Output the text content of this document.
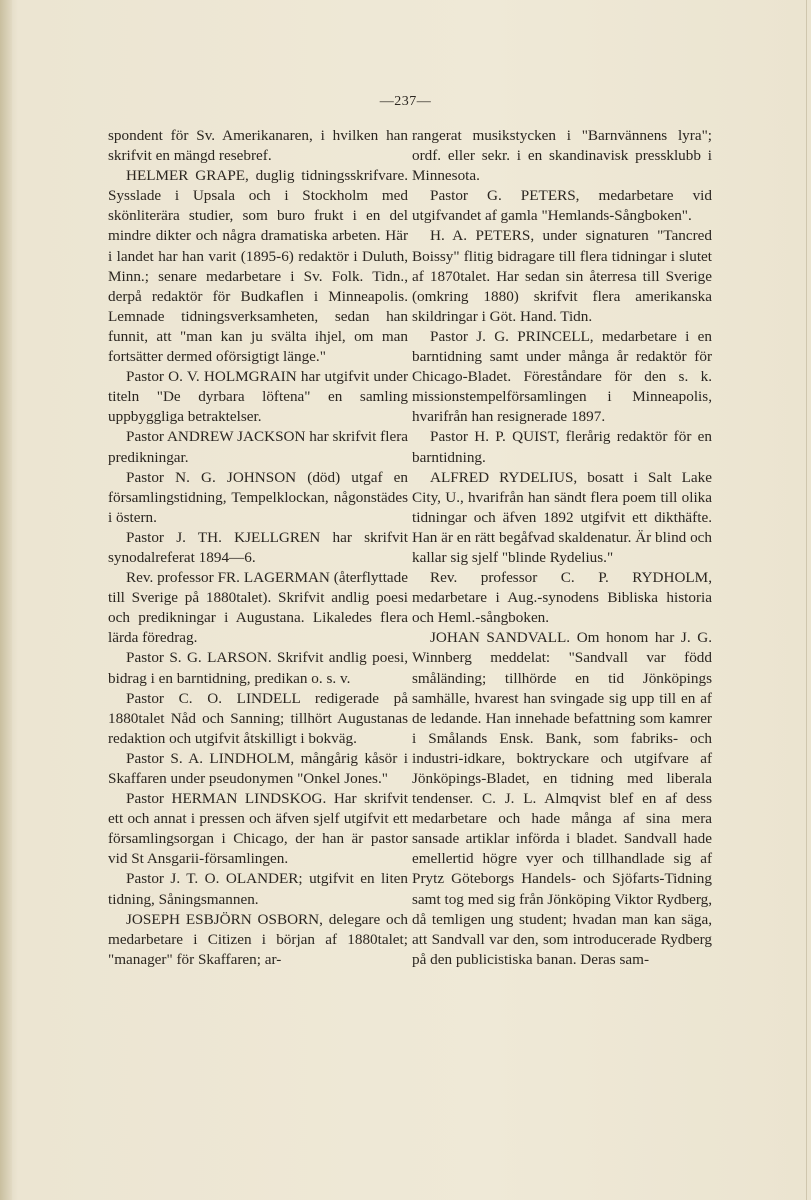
—237—

spondent för Sv. Amerikanaren, i hvilken han skrifvit en mängd resebref.

HELMER GRAPE, duglig tidningsskrifvare. Sysslade i Upsala och i Stockholm med skönliterära studier, som buro frukt i en del mindre dikter och några dramatiska arbeten. Här i landet har han varit (1895-6) redaktör i Duluth, Minn.; senare medarbetare i Sv. Folk. Tidn., derpå redaktör för Budkaflen i Minneapolis. Lemnade tidningsverksamheten, sedan han funnit, att "man kan ju svälta ihjel, om man fortsätter dermed oförsigtigt länge."

Pastor O. V. HOLMGRAIN har utgifvit under titeln "De dyrbara löftena" en samling uppbyggliga betraktelser.

Pastor ANDREW JACKSON har skrifvit flera predikningar.

Pastor N. G. JOHNSON (död) utgaf en församlingstidning, Tempelklockan, någonstädes i östern.

Pastor J. TH. KJELLGREN har skrifvit synodalreferat 1894—6.

Rev. professor FR. LAGERMAN (återflyttade till Sverige på 1880talet). Skrifvit andlig poesi och predikningar i Augustana. Likaledes flera lärda föredrag.

Pastor S. G. LARSON. Skrifvit andlig poesi, bidrag i en barntidning, predikan o. s. v.

Pastor C. O. LINDELL redigerade på 1880talet Nåd och Sanning; tillhört Augustanas redaktion och utgifvit åtskilligt i bokväg.

Pastor S. A. LINDHOLM, mångårig kåsör i Skaffaren under pseudonymen "Onkel Jones."

Pastor HERMAN LINDSKOG. Har skrifvit ett och annat i pressen och äfven sjelf utgifvit ett församlingsorgan i Chicago, der han är pastor vid St Ansgarii-församlingen.

Pastor J. T. O. OLANDER; utgifvit en liten tidning, Såningsmannen.

JOSEPH ESBJÖRN OSBORN, delegare och medarbetare i Citizen i början af 1880talet; "manager" för Skaffaren; ar-

rangerat musikstycken i "Barnvännens lyra"; ordf. eller sekr. i en skandinavisk pressklubb i Minnesota.

Pastor G. PETERS, medarbetare vid utgifvandet af gamla "Hemlands-Sångboken".

H. A. PETERS, under signaturen "Tancred Boissy" flitig bidragare till flera tidningar i slutet af 1870talet. Har sedan sin återresa till Sverige (omkring 1880) skrifvit flera amerikanska skildringar i Göt. Hand. Tidn.

Pastor J. G. PRINCELL, medarbetare i en barntidning samt under många år redaktör för Chicago-Bladet. Föreståndare för den s. k. missionstempelförsamlingen i Minneapolis, hvarifrån han resignerade 1897.

Pastor H. P. QUIST, flerårig redaktör för en barntidning.

ALFRED RYDELIUS, bosatt i Salt Lake City, U., hvarifrån han sändt flera poem till olika tidningar och äfven 1892 utgifvit ett dikthäfte. Han är en rätt begåfvad skaldenatur. Är blind och kallar sig sjelf "blinde Rydelius."

Rev. professor C. P. RYDHOLM, medarbetare i Aug.-synodens Bibliska historia och Heml.-sångboken.

JOHAN SANDVALL. Om honom har J. G. Winnberg meddelat: "Sandvall var född småländing; tillhörde en tid Jönköpings samhälle, hvarest han svingade sig upp till en af de ledande. Han innehade befattning som kamrer i Smålands Ensk. Bank, som fabriks- och industri-idkare, boktryckare och utgifvare af Jönköpings-Bladet, en tidning med liberala tendenser. C. J. L. Almqvist blef en af dess medarbetare och hade många af sina mera sansade artiklar införda i bladet. Sandvall hade emellertid högre vyer och tillhandlade sig af Prytz Göteborgs Handels- och Sjöfarts-Tidning samt tog med sig från Jönköping Viktor Rydberg, då temligen ung student; hvadan man kan säga, att Sandvall var den, som introducerade Rydberg på den publicistiska banan. Deras sam-
